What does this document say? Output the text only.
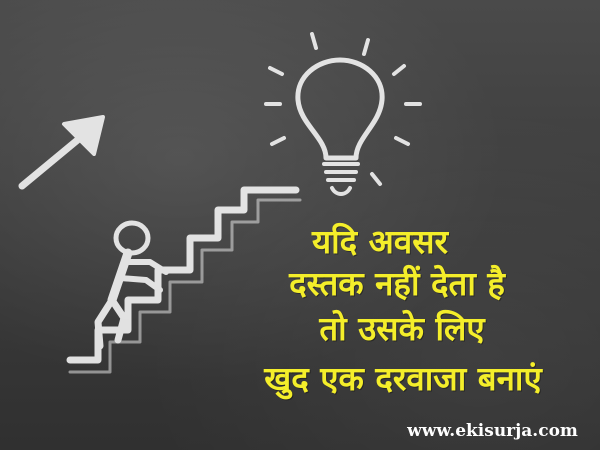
यदि अवसर
दस्तक नहीं देता है
तो उसके लिए
खुद एक दरवाजा बनाएं
www.ekisurja.com
